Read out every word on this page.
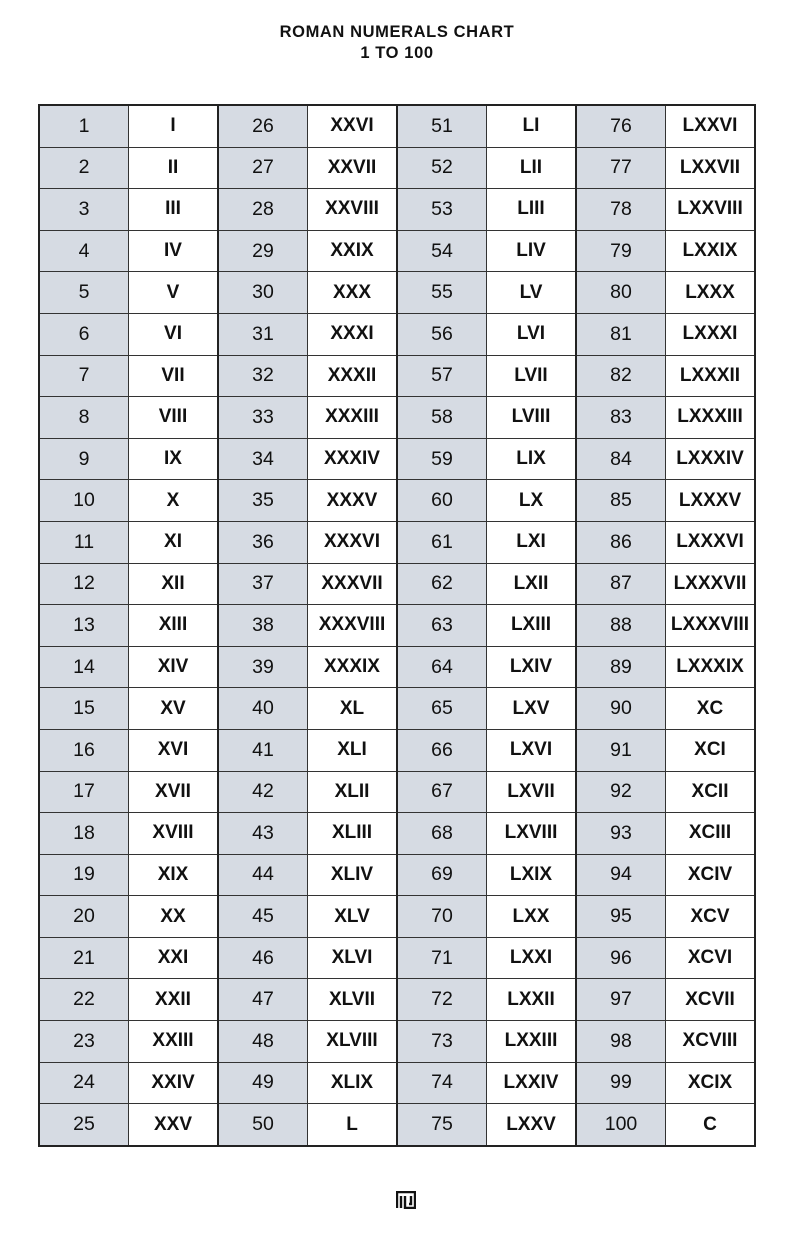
ROMAN NUMERALS CHART
1 TO 100
1	I	26	XXVI	51	LI	76	LXXVI
2	II	27	XXVII	52	LII	77	LXXVII
3	III	28	XXVIII	53	LIII	78	LXXVIII
4	IV	29	XXIX	54	LIV	79	LXXIX
5	V	30	XXX	55	LV	80	LXXX
6	VI	31	XXXI	56	LVI	81	LXXXI
7	VII	32	XXXII	57	LVII	82	LXXXII
8	VIII	33	XXXIII	58	LVIII	83	LXXXIII
9	IX	34	XXXIV	59	LIX	84	LXXXIV
10	X	35	XXXV	60	LX	85	LXXXV
11	XI	36	XXXVI	61	LXI	86	LXXXVI
12	XII	37	XXXVII	62	LXII	87	LXXXVII
13	XIII	38	XXXVIII	63	LXIII	88	LXXXVIII
14	XIV	39	XXXIX	64	LXIV	89	LXXXIX
15	XV	40	XL	65	LXV	90	XC
16	XVI	41	XLI	66	LXVI	91	XCI
17	XVII	42	XLII	67	LXVII	92	XCII
18	XVIII	43	XLIII	68	LXVIII	93	XCIII
19	XIX	44	XLIV	69	LXIX	94	XCIV
20	XX	45	XLV	70	LXX	95	XCV
21	XXI	46	XLVI	71	LXXI	96	XCVI
22	XXII	47	XLVII	72	LXXII	97	XCVII
23	XXIII	48	XLVIII	73	LXXIII	98	XCVIII
24	XXIV	49	XLIX	74	LXXIV	99	XCIX
25	XXV	50	L	75	LXXV	100	C
